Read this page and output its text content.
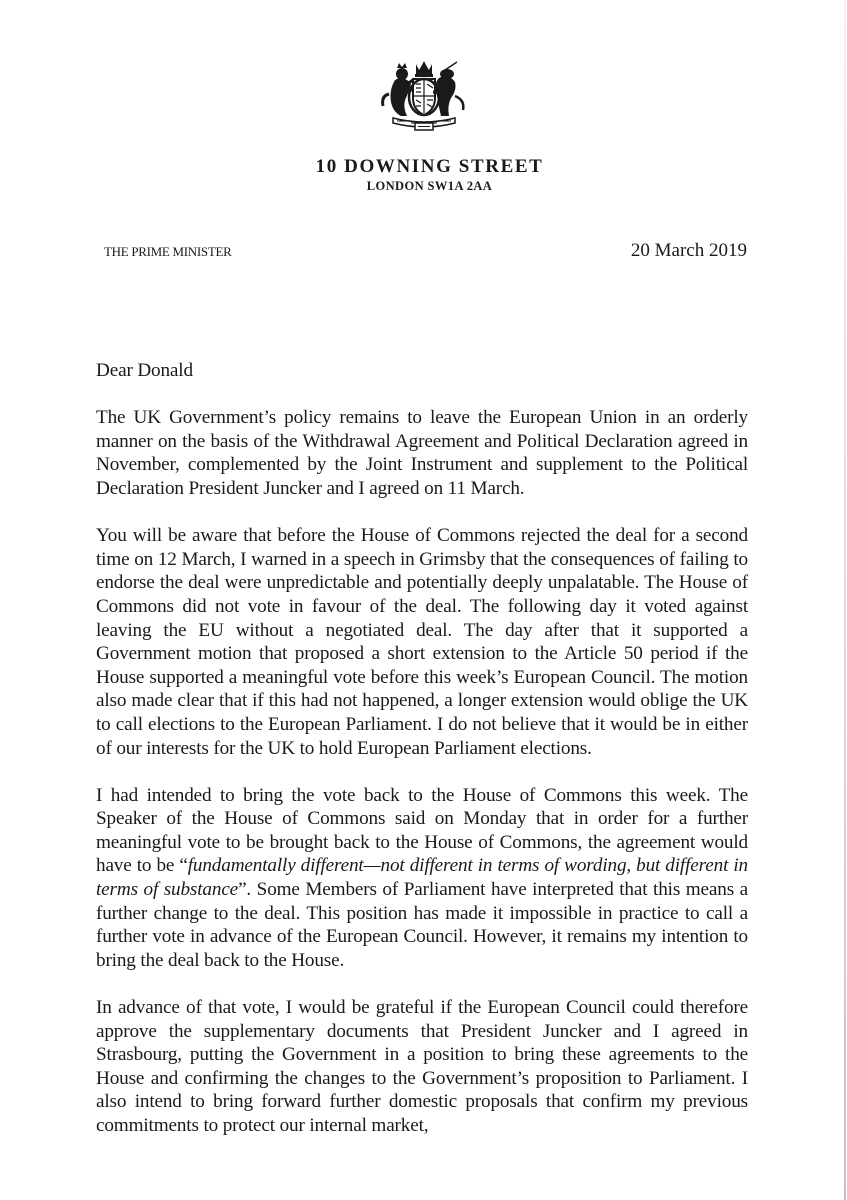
10 DOWNING STREET
LONDON SW1A 2AA
THE PRIME MINISTER	20 March 2019

Dear Donald

The UK Government’s policy remains to leave the European Union in an orderly manner on the basis of the Withdrawal Agreement and Political Declaration agreed in November, complemented by the Joint Instrument and supplement to the Political Declaration President Juncker and I agreed on 11 March.

You will be aware that before the House of Commons rejected the deal for a second time on 12 March, I warned in a speech in Grimsby that the consequences of failing to endorse the deal were unpredictable and potentially deeply unpalatable. The House of Commons did not vote in favour of the deal. The following day it voted against leaving the EU without a negotiated deal. The day after that it supported a Government motion that proposed a short extension to the Article 50 period if the House supported a meaningful vote before this week’s European Council. The motion also made clear that if this had not happened, a longer extension would oblige the UK to call elections to the European Parliament. I do not believe that it would be in either of our interests for the UK to hold European Parliament elections.

I had intended to bring the vote back to the House of Commons this week. The Speaker of the House of Commons said on Monday that in order for a further meaningful vote to be brought back to the House of Commons, the agreement would have to be “fundamentally different—not different in terms of wording, but different in terms of substance”. Some Members of Parliament have interpreted that this means a further change to the deal. This position has made it impossible in practice to call a further vote in advance of the European Council. However, it remains my intention to bring the deal back to the House.

In advance of that vote, I would be grateful if the European Council could therefore approve the supplementary documents that President Juncker and I agreed in Strasbourg, putting the Government in a position to bring these agreements to the House and confirming the changes to the Government’s proposition to Parliament. I also intend to bring forward further domestic proposals that confirm my previous commitments to protect our internal market,
